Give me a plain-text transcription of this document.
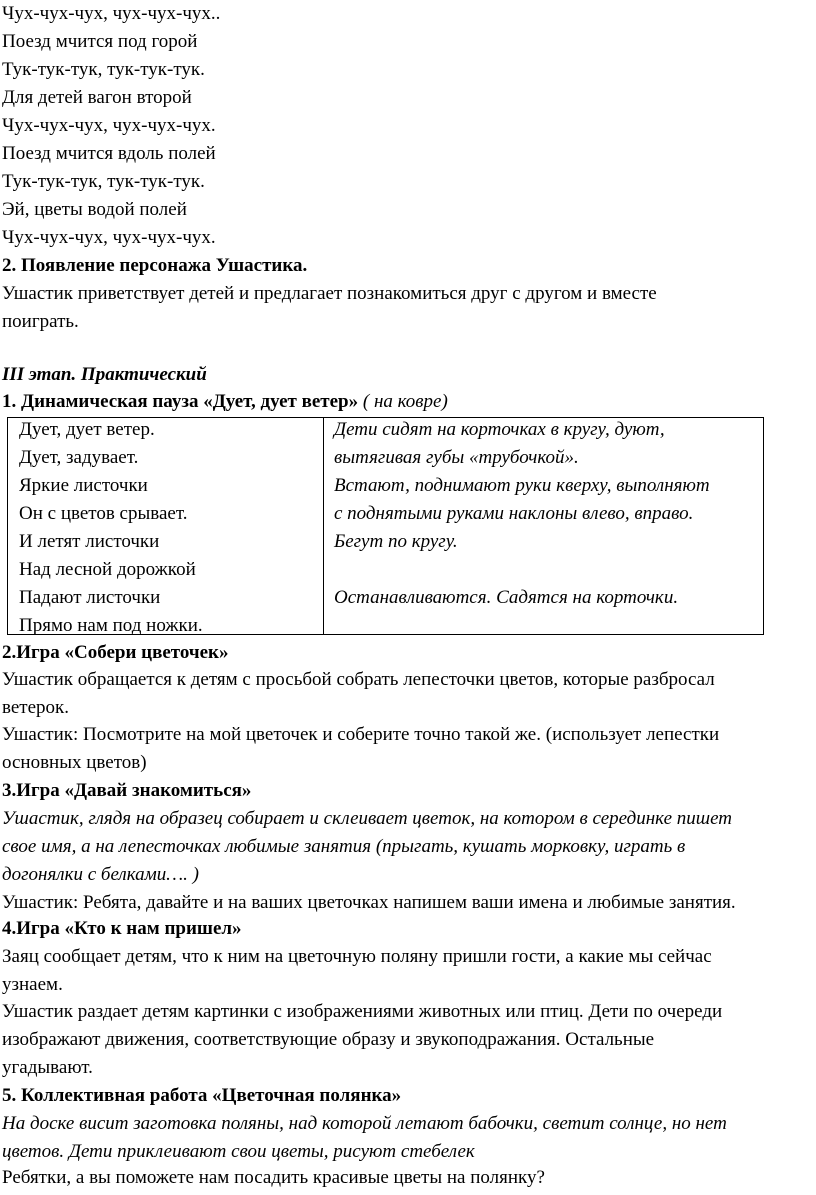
Чух-чух-чух, чух-чух-чух..
Поезд мчится под горой
Тук-тук-тук, тук-тук-тук.
Для детей вагон второй
Чух-чух-чух, чух-чух-чух.
Поезд мчится вдоль полей
Тук-тук-тук, тук-тук-тук.
Эй, цветы водой полей
Чух-чух-чух, чух-чух-чух.
2. Появление персонажа Ушастика.
Ушастик приветствует детей и предлагает познакомиться друг с другом и вместе
поиграть.
III этап. Практический
1. Динамическая пауза «Дует, дует ветер» ( на ковре)
Дует, дует ветер.
Дует, задувает.
Яркие листочки
Он с цветов срывает.
И летят листочки
Над лесной дорожкой
Падают листочки
Прямо нам под ножки.
Дети сидят на корточках в кругу, дуют,
вытягивая губы «трубочкой».
Встают, поднимают руки кверху, выполняют
с поднятыми руками наклоны влево, вправо.
Бегут по кругу.
Останавливаются. Садятся на корточки.
2.Игра «Собери цветочек»
Ушастик обращается к детям с просьбой собрать лепесточки цветов, которые разбросал
ветерок.
Ушастик: Посмотрите на мой цветочек и соберите точно такой же. (использует лепестки
основных цветов)
3.Игра «Давай знакомиться»
Ушастик, глядя на образец собирает и склеивает цветок, на котором в серединке пишет
свое имя, а на лепесточках любимые занятия (прыгать, кушать морковку, играть в
догонялки с белками…. )
Ушастик: Ребята, давайте и на ваших цветочках напишем ваши имена и любимые занятия.
4.Игра «Кто к нам пришел»
Заяц сообщает детям, что к ним на цветочную поляну пришли гости, а какие мы сейчас
узнаем.
Ушастик раздает детям картинки с изображениями животных или птиц. Дети по очереди
изображают движения, соответствующие образу и звукоподражания. Остальные
угадывают.
5. Коллективная работа «Цветочная полянка»
На доске висит заготовка поляны, над которой летают бабочки, светит солнце, но нет
цветов. Дети приклеивают свои цветы, рисуют стебелек
Ребятки, а вы поможете нам посадить красивые цветы на полянку?
